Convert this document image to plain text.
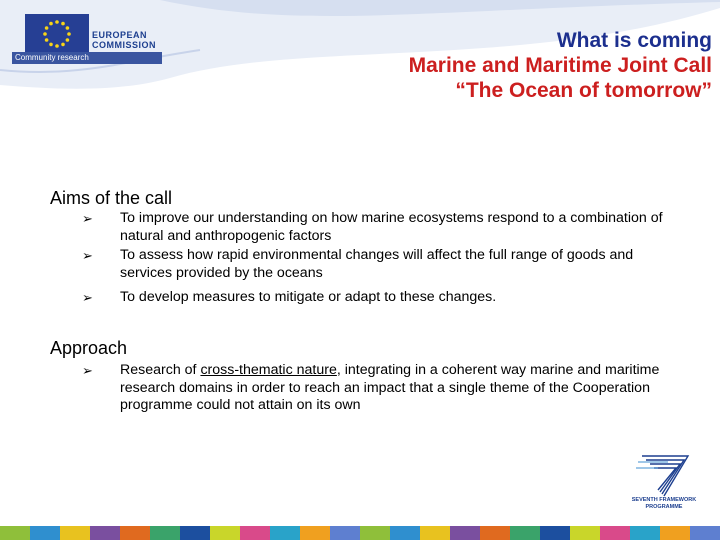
EUROPEAN
COMMISSION
Community research
What is coming
Marine and Maritime Joint Call
“The Ocean of tomorrow”
Aims of the call
➢ To improve our understanding on how marine ecosystems respond to a combination of natural and anthropogenic factors
➢ To assess how rapid environmental changes will affect the full range of goods and services provided by the oceans
➢ To develop measures to mitigate or adapt to these changes.
Approach
➢ Research of cross-thematic nature, integrating in a coherent way marine and maritime research domains in order to reach an impact that a single theme of the Cooperation programme could not attain on its own
SEVENTH FRAMEWORK
PROGRAMME
